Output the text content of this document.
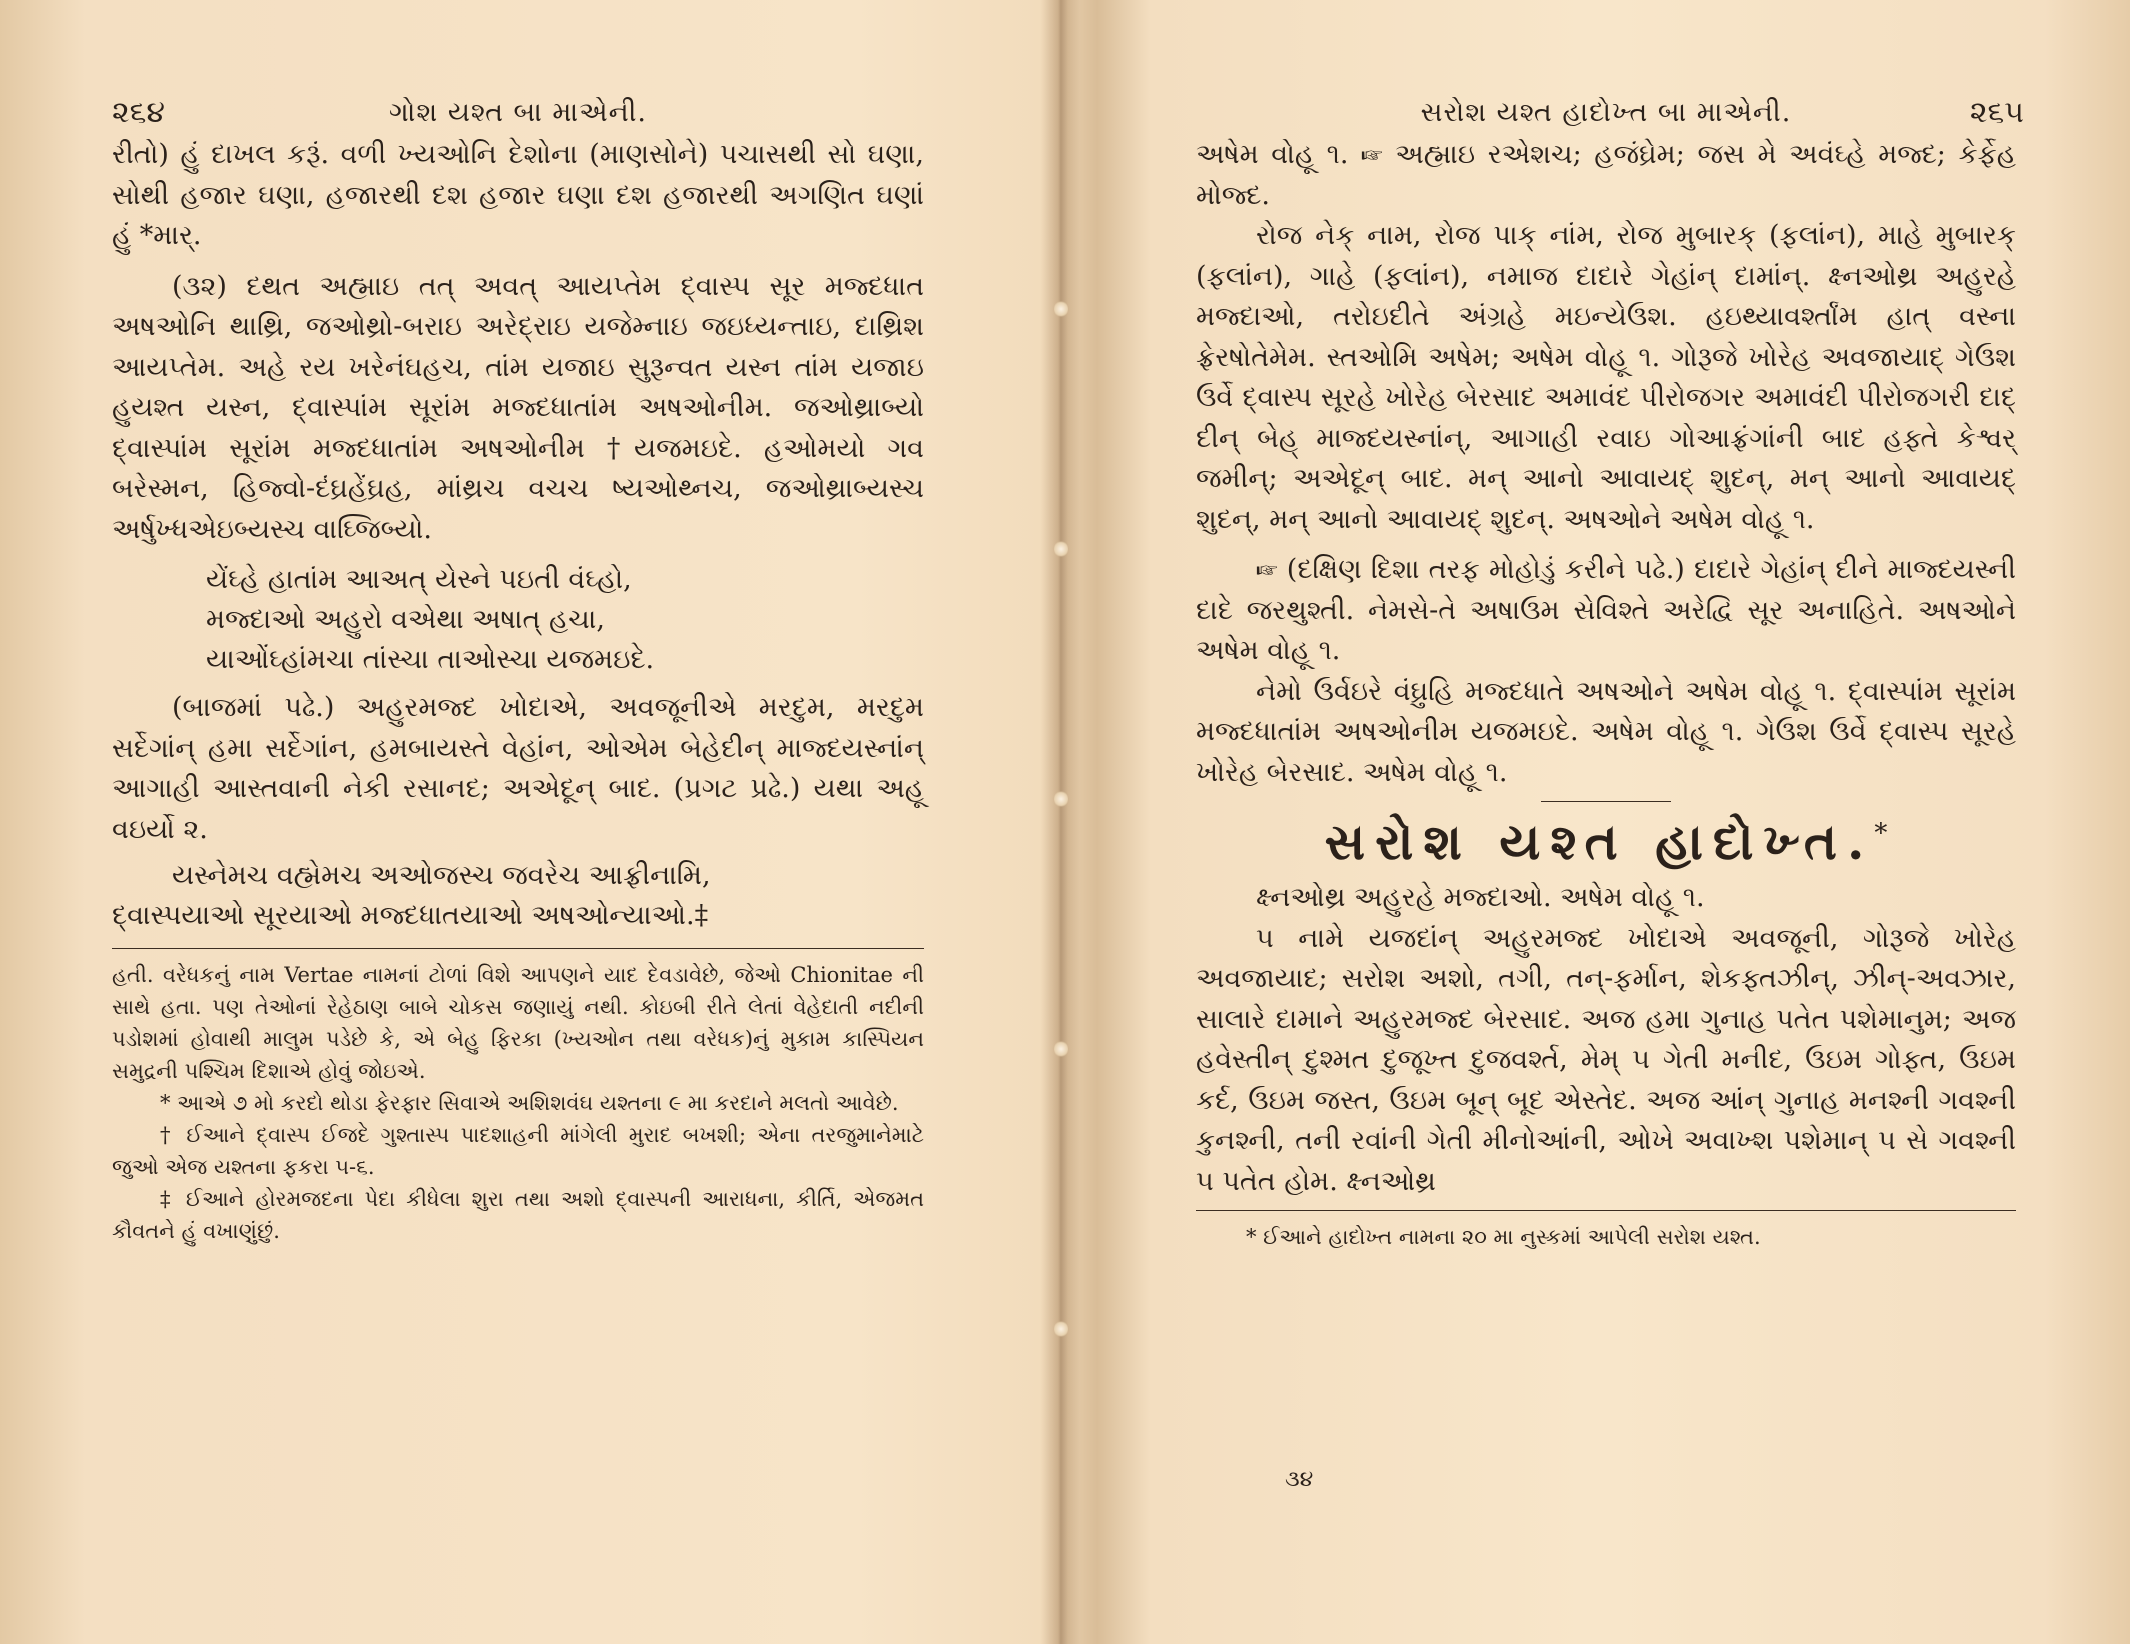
૨૬૪	ગોશ યશ્ત બા માએની.

રીતો) હું દાખલ કરૂં. વળી ખ્યઓનિ દેશોના (માણસોને) પચાસથી સો ઘણા, સોથી હજાર ઘણા, હજારથી દશ હજાર ઘણા દશ હજારથી અગણિત ઘણાં હું *માર્‌.

(૩૨) દથત અહ્માઇ તત્ અવત્ આયપ્તેમ દ્‌વાસ્પ સૂર મજ્દધાત અષઓનિ થાથ્રિ, જઓથ્રો-બરાઇ અરેદ્‌રાઇ યજેમ્નાઇ જઇધ્યન્તાઇ, દાથ્રિશ આયપ્તેમ. અહે રય ખરેનંઘહચ, તાંમ યજાઇ સુરૂન્વત યસ્ન તાંમ યજાઇ હુયશ્ત યસ્ન, દ્‌વાસ્પાંમ સૂરાંમ મજ્દધાતાંમ અષઓનીમ. જઓથ્રાબ્યો દ્‌વાસ્પાંમ સૂરાંમ મજ્દધાતાંમ અષઓનીમ †યજમઇદે. હઓમયો ગવ બરેસ્મન, હિજ્વો-દંઘ્રહેંઘ્રહ, માંથ્રચ વચચ ષ્યઓથ્નચ, જઓથ્રાબ્યસ્ચ અર્ષુખ્ધએઇબ્યસ્ચ વાઘ્જિબ્યો.

યેંઘ્હે હાતાંમ આઅત્ યેસ્ને પઇતી વંઘ્હો,
મજ્દાઓ અહુરો વએથા અષાત્ હચા,
યાઓંઘ્હાંમચા તાંસ્ચા તાઓસ્ચા યજમઇદે.

(બાજમાં પઢે.) અહુરમજ્દ ખોદાએ, અવજૂનીએ મરદુમ, મરદુમ સર્દેગાંન્ હમા સર્દેગાંન, હમબાયસ્તે વેહાંન, ઓએમ બેહેદીન્ માજ્દયસ્નાંન્ આગાહી આસ્તવાની નેકી રસાનદ; અએદૂન્ બાદ. (પ્રગટ પ્રઢે.) યથા અહૂ વઇર્યો ૨.

યસ્નેમચ વહ્મેમચ અઓજસ્ચ જવરેચ આફ્રીનામિ,
દ્‌વાસ્પયાઓ સૂરયાઓ મજ્દધાતયાઓ અષઓન્યાઓ.‡

હતી. વરેધકનું નામ Vertae નામનાં ટોળાં વિશે આપણને યાદ દેવડાવેછે, જેઓ Chionitae ની સાથે હતા. પણ તેઓનાં રેહેઠાણ બાબે ચોકસ જણાયું નથી. કોઇબી રીતે લેતાં વેહેદાતી નદીની પડોશમાં હોવાથી માલુમ પડેછે કે, એ બેહુ ફિરકા (ખ્યઓન તથા વરેધક)નું મુકામ કાસ્પિયન સમુદ્રની પશ્ચિમ દિશાએ હોવું જોઇએ.

* આએ ૭ મો કરદો થોડા ફેરફાર સિવાએ અશિશવંઘ યશ્તના ૯ મા કરદાને મલતો આવેછે.

† ઈઆને દ્‌વાસ્પ ઈજદે ગુશ્તાસ્પ પાદશાહની માંગેલી મુરાદ બખશી; એના તરજુમાનેમાટે જુઓ એજ યશ્તના ફકરા ૫-૬.

‡ ઈઆને હોરમજદના પેદા કીધેલા શુરા તથા અશો દ્‌વાસ્પની આરાધના, કીર્તિ, એજમત કૌવતને હું વખાણુંછું.

સરોશ યશ્ત હાદોખ્ત બા માએની.	૨૬૫

અષેમ વોહૂ ૧. ☞ અહ્માઇ રએશચ; હજંઘ્રેમ; જસ મે અવંઘ્હે મજ્દ; કેર્ફેહ મોજ્દ.

રોજ નેક્ નામ, રોજ પાક્ નાંમ, રોજ મુબારક્ (ફલાંન), માહે મુબારક્ (ફલાંન), ગાહે (ફલાંન), નમાજ દાદારે ગેહાંન્ દામાંન્. ક્ષ્નઓથ્ર અહુરહે મજ્દાઓ, તરોઇદીતે અંગ્રહે મઇન્યેઉશ. હઇથ્યાવર્શ્તાંમ હાત્ વસ્ના ફ્રેરષોતેમેમ. સ્તઓમિ અષેમ; અષેમ વોહૂ ૧. ગોરૂજે ખોરેહ અવજાયાદ્ ગેઉશ ઉર્વે દ્‌વાસ્પ સૂરહે ખોરેહ બેરસાદ અમાવંદ પીરોજગર અમાવંદી પીરોજગરી દાદ્ દીન્ બેહ્ માજ્દયસ્નાંન્, આગાહી રવાઇ ગોઆફ્રંગાંની બાદ હફ્તે કેશ્વર્ જમીન્; અએદૂન્ બાદ. મન્ આનો આવાયદ્ શુદન્, મન્ આનો આવાયદ્ શુદન્, મન્ આનો આવાયદ્ શુદન્. અષઓને અષેમ વોહૂ ૧.

☞ (દક્ષિણ દિશા તરફ મોહોડું કરીને પઢે.) દાદારે ગેહાંન્ દીને માજ્દયસ્ની દાદે જરથુશ્તી. નેમસે-તે અષાઉમ સેવિશ્તે અરેદ્વિ સૂર અનાહિતે. અષઓને અષેમ વોહૂ ૧.

નેમો ઉર્વઇરે વંઘ્રુહિ મજ્દધાતે અષઓને અષેમ વોહૂ ૧. દ્‌વાસ્પાંમ સૂરાંમ મજ્દધાતાંમ અષઓનીમ યજમઇદે. અષેમ વોહૂ ૧. ગેઉશ ઉર્વે દ્‌વાસ્પ સૂરહે ખોરેહ બેરસાદ. અષેમ વોહૂ ૧.

સરોશ યશ્ત હાદોખ્ત.*

ક્ષ્નઓથ્ર અહુરહે મજ્દાઓ. અષેમ વોહૂ ૧.

૫ નામે યજદાંન્ અહુરમજ્દ ખોદાએ અવજૂની, ગોરૂજે ખોરેહ અવજાયાદ; સરોશ અશો, તગી, તન્-ફર્માન, શેકફ્તઝીન્, ઝીન્-અવઝાર, સાલારે દામાને અહુરમજ્દ બેરસાદ. અજ હમા ગુનાહ પતેત પશેમાનુમ; અજ હવેસ્તીન્ દુશ્મત દુજૂખ્ત દુજવર્શ્ત, મેમ્ ૫ ગેતી મનીદ, ઉઇમ ગોફ્ત, ઉઇમ કર્દ, ઉઇમ જસ્ત, ઉઇમ બૂન્ બૂદ એસ્તેદ. અજ આંન્ ગુનાહ મનશ્ની ગવશ્ની કુનશ્ની, તની રવાંની ગેતી મીનોઆંની, ઓખે અવાખ્શ પશેમાન્ ૫ સે ગવશ્ની ૫ પતેત હોમ. ક્ષ્નઓથ્ર

* ઈઆને હાદોખ્ત નામના ૨૦ મા નુસ્કમાં આપેલી સરોશ યશ્ત.

૩૪
